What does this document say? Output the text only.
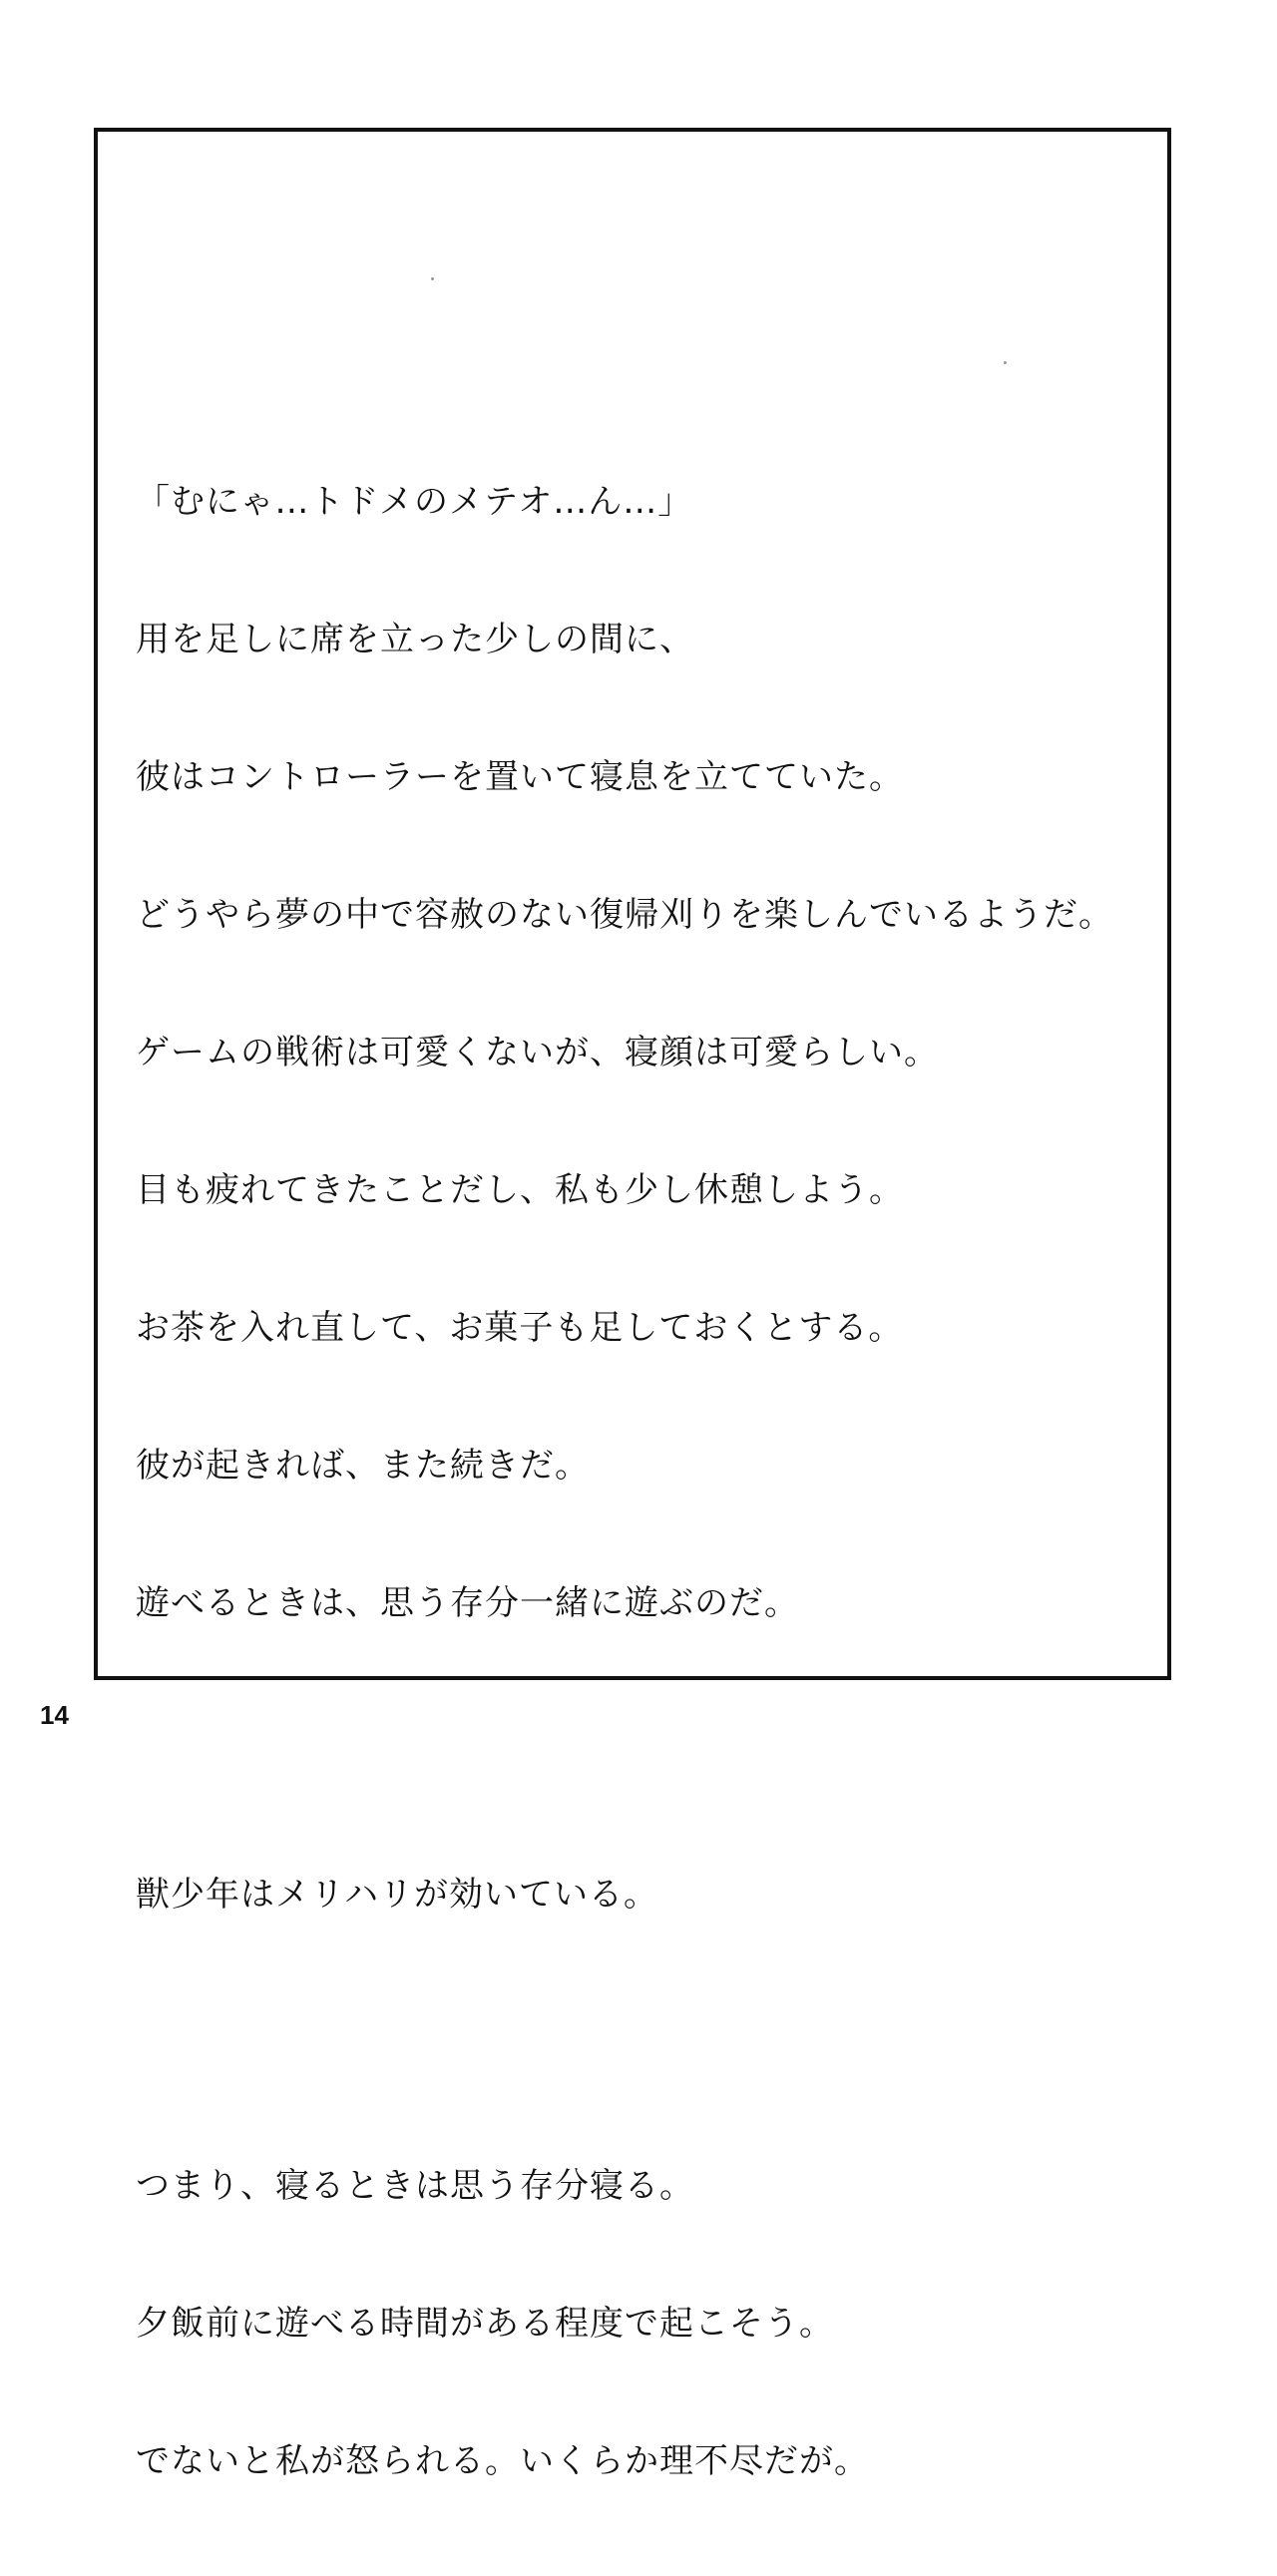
「むにゃ…トドメのメテオ…ん…」

用を足しに席を立った少しの間に、

彼はコントローラーを置いて寝息を立てていた。

どうやら夢の中で容赦のない復帰刈りを楽しんでいるようだ。

ゲームの戦術は可愛くないが、寝顔は可愛らしい。

目も疲れてきたことだし、私も少し休憩しよう。

お茶を入れ直して、お菓子も足しておくとする。

彼が起きれば、また続きだ。

遊べるときは、思う存分一緒に遊ぶのだ。

獣少年はメリハリが効いている。

つまり、寝るときは思う存分寝る。

夕飯前に遊べる時間がある程度で起こそう。

でないと私が怒られる。いくらか理不尽だが。

14
